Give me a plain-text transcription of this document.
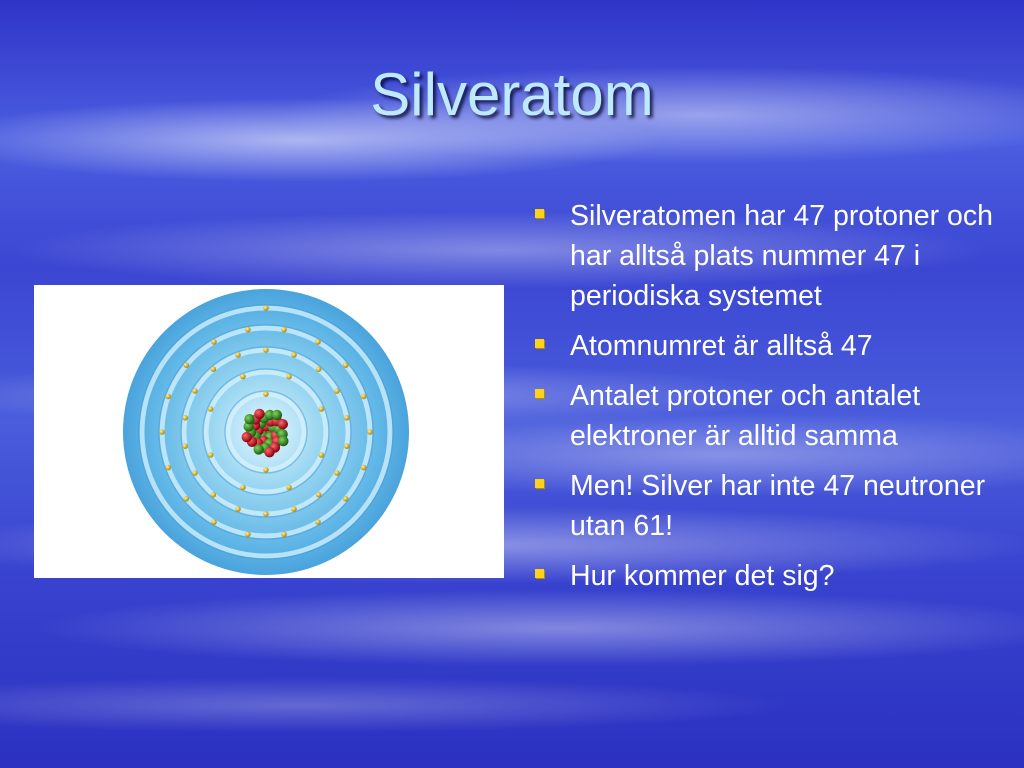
Silveratom
Silveratomen har 47 protoner och har alltså plats nummer 47 i periodiska systemet
Atomnumret är alltså 47
Antalet protoner och antalet elektroner är alltid samma
Men! Silver har inte 47 neutroner utan 61!
Hur kommer det sig?
